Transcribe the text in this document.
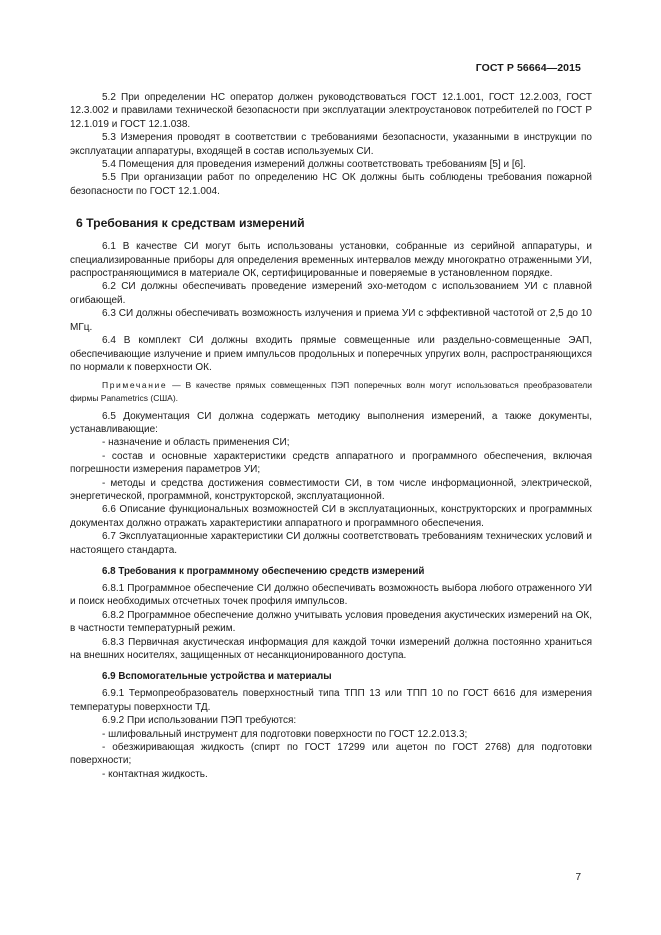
ГОСТ Р 56664—2015

5.2 При определении НС оператор должен руководствоваться ГОСТ 12.1.001, ГОСТ 12.2.003, ГОСТ 12.3.002 и правилами технической безопасности при эксплуатации электроустановок потребителей по ГОСТ Р 12.1.019 и ГОСТ 12.1.038.

5.3 Измерения проводят в соответствии с требованиями безопасности, указанными в инструкции по эксплуатации аппаратуры, входящей в состав используемых СИ.

5.4 Помещения для проведения измерений должны соответствовать требованиям [5] и [6].

5.5 При организации работ по определению НС ОК должны быть соблюдены требования пожарной безопасности по ГОСТ 12.1.004.

6 Требования к средствам измерений

6.1 В качестве СИ могут быть использованы установки, собранные из серийной аппаратуры, и специализированные приборы для определения временных интервалов между многократно отраженными УИ, распространяющимися в материале ОК, сертифицированные и поверяемые в установленном порядке.

6.2 СИ должны обеспечивать проведение измерений эхо-методом с использованием УИ с плавной огибающей.

6.3 СИ должны обеспечивать возможность излучения и приема УИ с эффективной частотой от 2,5 до 10 МГц.

6.4 В комплект СИ должны входить прямые совмещенные или раздельно-совмещенные ЭАП, обеспечивающие излучение и прием импульсов продольных и поперечных упругих волн, распространяющихся по нормали к поверхности ОК.

Примечание — В качестве прямых совмещенных ПЭП поперечных волн могут использоваться преобразователи фирмы Panametrics (США).

6.5 Документация СИ должна содержать методику выполнения измерений, а также документы, устанавливающие:

- назначение и область применения СИ;

- состав и основные характеристики средств аппаратного и программного обеспечения, включая погрешности измерения параметров УИ;

- методы и средства достижения совместимости СИ, в том числе информационной, электрической, энергетической, программной, конструкторской, эксплуатационной.

6.6 Описание функциональных возможностей СИ в эксплуатационных, конструкторских и программных документах должно отражать характеристики аппаратного и программного обеспечения.

6.7 Эксплуатационные характеристики СИ должны соответствовать требованиям технических условий и настоящего стандарта.

6.8 Требования к программному обеспечению средств измерений

6.8.1 Программное обеспечение СИ должно обеспечивать возможность выбора любого отраженного УИ и поиск необходимых отсчетных точек профиля импульсов.

6.8.2 Программное обеспечение должно учитывать условия проведения акустических измерений на ОК, в частности температурный режим.

6.8.3 Первичная акустическая информация для каждой точки измерений должна постоянно храниться на внешних носителях, защищенных от несанкционированного доступа.

6.9 Вспомогательные устройства и материалы

6.9.1 Термопреобразователь поверхностный типа ТПП 13 или ТПП 10 по ГОСТ 6616 для измерения температуры поверхности ТД.

6.9.2 При использовании ПЭП требуются:

- шлифовальный инструмент для подготовки поверхности по ГОСТ 12.2.013.3;

- обезжиривающая жидкость (спирт по ГОСТ 17299 или ацетон по ГОСТ 2768) для подготовки поверхности;

- контактная жидкость.

7
